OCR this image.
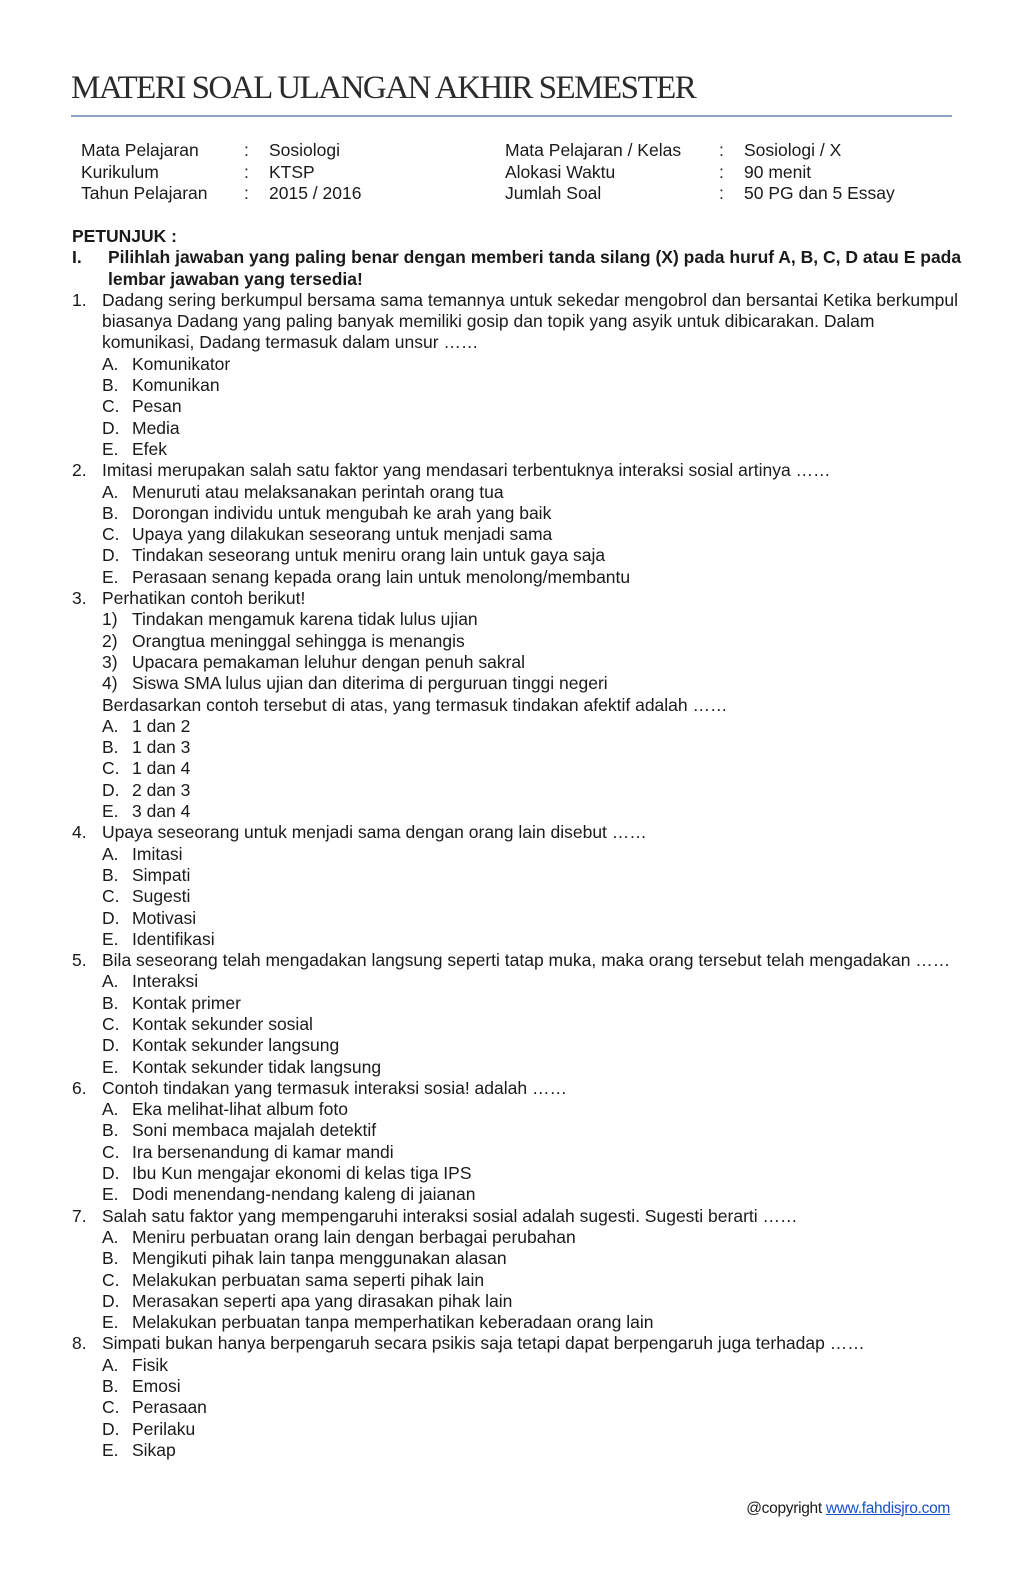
MATERI SOAL ULANGAN AKHIR SEMESTER
Mata Pelajaran	: Sosiologi	Mata Pelajaran / Kelas : Sosiologi / X
Kurikulum	: KTSP	Alokasi Waktu	: 90 menit
Tahun Pelajaran : 2015 / 2016	Jumlah Soal	: 50 PG dan 5 Essay
PETUNJUK :
I. Pilihlah jawaban yang paling benar dengan memberi tanda silang (X) pada huruf A, B, C, D atau E pada lembar jawaban yang tersedia!
1. Dadang sering berkumpul bersama sama temannya untuk sekedar mengobrol dan bersantai Ketika berkumpul biasanya Dadang yang paling banyak memiliki gosip dan topik yang asyik untuk dibicarakan. Dalam komunikasi, Dadang termasuk dalam unsur ……
A. Komunikator
B. Komunikan
C. Pesan
D. Media
E. Efek
2. Imitasi merupakan salah satu faktor yang mendasari terbentuknya interaksi sosial artinya ……
A. Menuruti atau melaksanakan perintah orang tua
B. Dorongan individu untuk mengubah ke arah yang baik
C. Upaya yang dilakukan seseorang untuk menjadi sama
D. Tindakan seseorang untuk meniru orang lain untuk gaya saja
E. Perasaan senang kepada orang lain untuk menolong/membantu
3. Perhatikan contoh berikut!
1) Tindakan mengamuk karena tidak lulus ujian
2) Orangtua meninggal sehingga is menangis
3) Upacara pemakaman leluhur dengan penuh sakral
4) Siswa SMA lulus ujian dan diterima di perguruan tinggi negeri
Berdasarkan contoh tersebut di atas, yang termasuk tindakan afektif adalah ……
A. 1 dan 2
B. 1 dan 3
C. 1 dan 4
D. 2 dan 3
E. 3 dan 4
4. Upaya seseorang untuk menjadi sama dengan orang lain disebut ……
A. Imitasi
B. Simpati
C. Sugesti
D. Motivasi
E. Identifikasi
5. Bila seseorang telah mengadakan langsung seperti tatap muka, maka orang tersebut telah mengadakan ……
A. Interaksi
B. Kontak primer
C. Kontak sekunder sosial
D. Kontak sekunder langsung
E. Kontak sekunder tidak langsung
6. Contoh tindakan yang termasuk interaksi sosia! adalah ……
A. Eka melihat-lihat album foto
B. Soni membaca majalah detektif
C. Ira bersenandung di kamar mandi
D. Ibu Kun mengajar ekonomi di kelas tiga IPS
E. Dodi menendang-nendang kaleng di jaianan
7. Salah satu faktor yang mempengaruhi interaksi sosial adalah sugesti. Sugesti berarti ……
A. Meniru perbuatan orang lain dengan berbagai perubahan
B. Mengikuti pihak lain tanpa menggunakan alasan
C. Melakukan perbuatan sama seperti pihak lain
D. Merasakan seperti apa yang dirasakan pihak lain
E. Melakukan perbuatan tanpa memperhatikan keberadaan orang lain
8. Simpati bukan hanya berpengaruh secara psikis saja tetapi dapat berpengaruh juga terhadap ……
A. Fisik
B. Emosi
C. Perasaan
D. Perilaku
E. Sikap
@copyright www.fahdisjro.com
